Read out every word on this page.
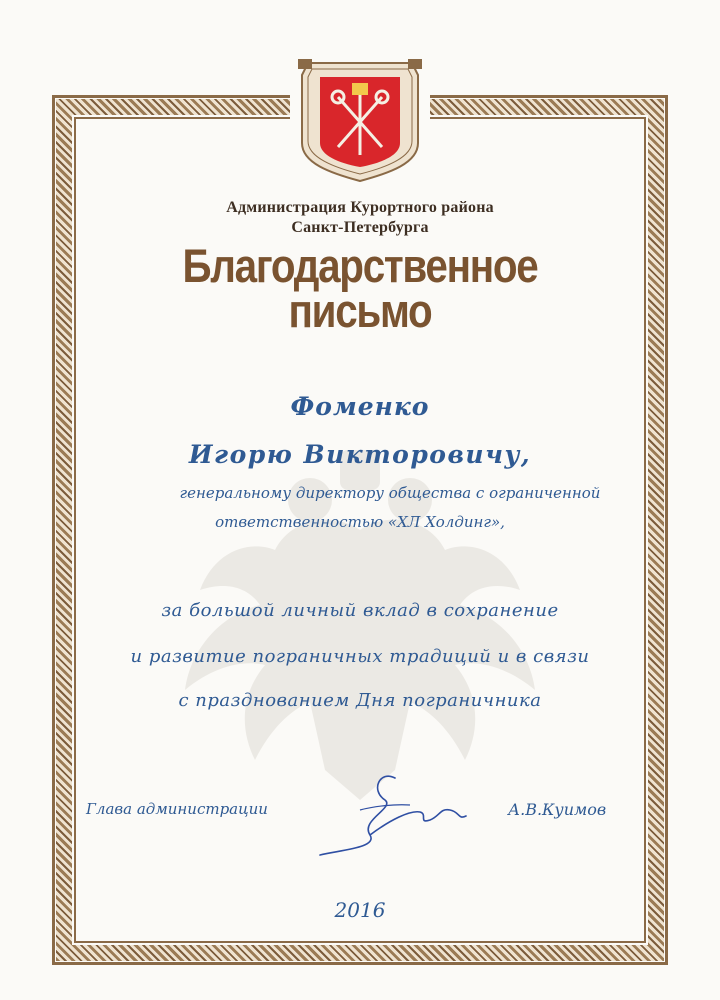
Администрация Курортного района
Санкт-Петербурга
Благодарственное
письмо
Фоменко
Игорю Викторовичу,
генеральному директору общества с ограниченной
ответственностью «ХЛ Холдинг»,
за большой личный вклад в сохранение
и развитие пограничных традиций и в связи
с празднованием Дня пограничника
Глава администрации	А.В.Куимов
2016
